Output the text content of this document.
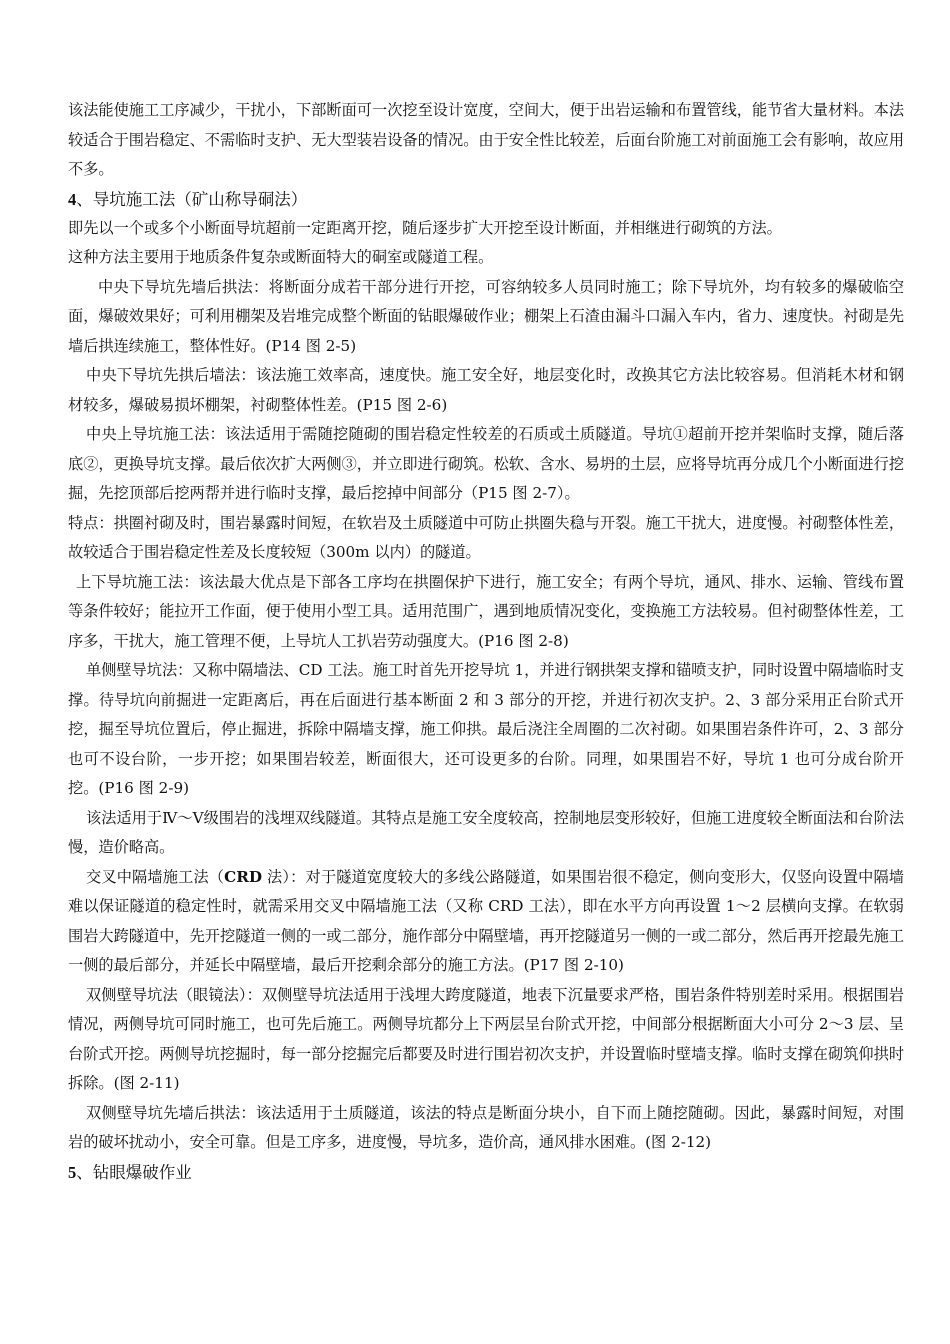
该法能使施工工序减少，干扰小，下部断面可一次挖至设计宽度，空间大，便于出岩运输和布置管线，能节省大量材料。本法较适合于围岩稳定、不需临时支护、无大型装岩设备的情况。由于安全性比较差，后面台阶施工对前面施工会有影响，故应用不多。

4、导坑施工法（矿山称导硐法）

即先以一个或多个小断面导坑超前一定距离开挖，随后逐步扩大开挖至设计断面，并相继进行砌筑的方法。

这种方法主要用于地质条件复杂或断面特大的硐室或隧道工程。

中央下导坑先墙后拱法：将断面分成若干部分进行开挖，可容纳较多人员同时施工；除下导坑外，均有较多的爆破临空面，爆破效果好；可利用棚架及岩堆完成整个断面的钻眼爆破作业；棚架上石渣由漏斗口漏入车内，省力、速度快。衬砌是先墙后拱连续施工，整体性好。(P14 图 2-5)

中央下导坑先拱后墙法：该法施工效率高，速度快。施工安全好，地层变化时，改换其它方法比较容易。但消耗木材和钢材较多，爆破易损坏棚架，衬砌整体性差。(P15 图 2-6)

中央上导坑施工法：该法适用于需随挖随砌的围岩稳定性较差的石质或土质隧道。导坑①超前开挖并架临时支撑，随后落底②，更换导坑支撑。最后依次扩大两侧③，并立即进行砌筑。松软、含水、易坍的土层，应将导坑再分成几个小断面进行挖掘，先挖顶部后挖两帮并进行临时支撑，最后挖掉中间部分（P15 图 2-7）。

特点：拱圈衬砌及时，围岩暴露时间短，在软岩及土质隧道中可防止拱圈失稳与开裂。施工干扰大，进度慢。衬砌整体性差，故较适合于围岩稳定性差及长度较短（300m 以内）的隧道。

上下导坑施工法：该法最大优点是下部各工序均在拱圈保护下进行，施工安全；有两个导坑，通风、排水、运输、管线布置等条件较好；能拉开工作面，便于使用小型工具。适用范围广，遇到地质情况变化，变换施工方法较易。但衬砌整体性差，工序多，干扰大，施工管理不便，上导坑人工扒岩劳动强度大。(P16 图 2-8)

单侧壁导坑法：又称中隔墙法、CD 工法。施工时首先开挖导坑 1，并进行钢拱架支撑和锚喷支护，同时设置中隔墙临时支撑。待导坑向前掘进一定距离后，再在后面进行基本断面 2 和 3 部分的开挖，并进行初次支护。2、3 部分采用正台阶式开挖，掘至导坑位置后，停止掘进，拆除中隔墙支撑，施工仰拱。最后浇注全周圈的二次衬砌。如果围岩条件许可，2、3 部分也可不设台阶，一步开挖；如果围岩较差，断面很大，还可设更多的台阶。同理，如果围岩不好，导坑 1 也可分成台阶开挖。(P16 图 2-9)

该法适用于Ⅳ～Ⅴ级围岩的浅埋双线隧道。其特点是施工安全度较高，控制地层变形较好，但施工进度较全断面法和台阶法慢，造价略高。

交叉中隔墙施工法（CRD 法）：对于隧道宽度较大的多线公路隧道，如果围岩很不稳定，侧向变形大，仅竖向设置中隔墙难以保证隧道的稳定性时，就需采用交叉中隔墙施工法（又称 CRD 工法），即在水平方向再设置 1～2 层横向支撑。在软弱围岩大跨隧道中，先开挖隧道一侧的一或二部分，施作部分中隔壁墙，再开挖隧道另一侧的一或二部分，然后再开挖最先施工一侧的最后部分，并延长中隔壁墙，最后开挖剩余部分的施工方法。(P17 图 2-10)

双侧壁导坑法（眼镜法）：双侧壁导坑法适用于浅埋大跨度隧道，地表下沉量要求严格，围岩条件特别差时采用。根据围岩情况，两侧导坑可同时施工，也可先后施工。两侧导坑都分上下两层呈台阶式开挖，中间部分根据断面大小可分 2～3 层、呈台阶式开挖。两侧导坑挖掘时，每一部分挖掘完后都要及时进行围岩初次支护，并设置临时壁墙支撑。临时支撑在砌筑仰拱时拆除。(图 2-11)

双侧壁导坑先墙后拱法：该法适用于土质隧道，该法的特点是断面分块小，自下而上随挖随砌。因此，暴露时间短，对围岩的破坏扰动小，安全可靠。但是工序多，进度慢，导坑多，造价高，通风排水困难。(图 2-12)

5、钻眼爆破作业
